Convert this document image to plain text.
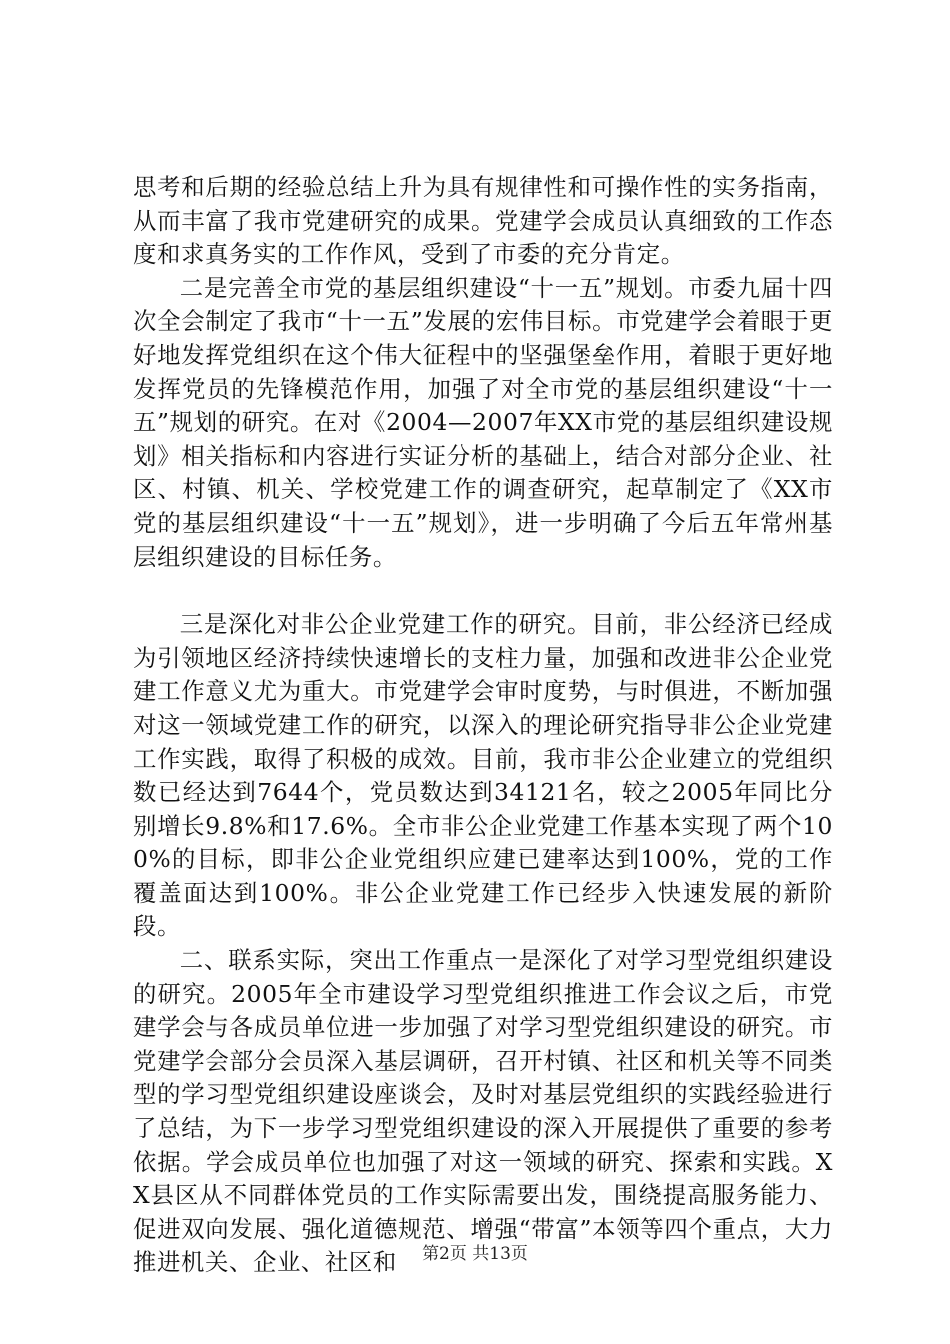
思考和后期的经验总结上升为具有规律性和可操作性的实务指南，从而丰富了我市党建研究的成果。党建学会成员认真细致的工作态度和求真务实的工作作风，受到了市委的充分肯定。

二是完善全市党的基层组织建设“十一五”规划。市委九届十四次全会制定了我市“十一五”发展的宏伟目标。市党建学会着眼于更好地发挥党组织在这个伟大征程中的坚强堡垒作用，着眼于更好地发挥党员的先锋模范作用，加强了对全市党的基层组织建设“十一五”规划的研究。在对《2004—2007年XX市党的基层组织建设规划》相关指标和内容进行实证分析的基础上，结合对部分企业、社区、村镇、机关、学校党建工作的调查研究，起草制定了《XX市党的基层组织建设“十一五”规划》，进一步明确了今后五年常州基层组织建设的目标任务。

三是深化对非公企业党建工作的研究。目前，非公经济已经成为引领地区经济持续快速增长的支柱力量，加强和改进非公企业党建工作意义尤为重大。市党建学会审时度势，与时俱进，不断加强对这一领域党建工作的研究，以深入的理论研究指导非公企业党建工作实践，取得了积极的成效。目前，我市非公企业建立的党组织数已经达到7644个，党员数达到34121名，较之2005年同比分别增长9.8%和17.6%。全市非公企业党建工作基本实现了两个100%的目标，即非公企业党组织应建已建率达到100%，党的工作覆盖面达到100%。非公企业党建工作已经步入快速发展的新阶段。

二、联系实际，突出工作重点一是深化了对学习型党组织建设的研究。2005年全市建设学习型党组织推进工作会议之后，市党建学会与各成员单位进一步加强了对学习型党组织建设的研究。市党建学会部分会员深入基层调研，召开村镇、社区和机关等不同类型的学习型党组织建设座谈会，及时对基层党组织的实践经验进行了总结，为下一步学习型党组织建设的深入开展提供了重要的参考依据。学会成员单位也加强了对这一领域的研究、探索和实践。XX县区从不同群体党员的工作实际需要出发，围绕提高服务能力、促进双向发展、强化道德规范、增强“带富”本领等四个重点，大力推进机关、企业、社区和	第2页 共13页
